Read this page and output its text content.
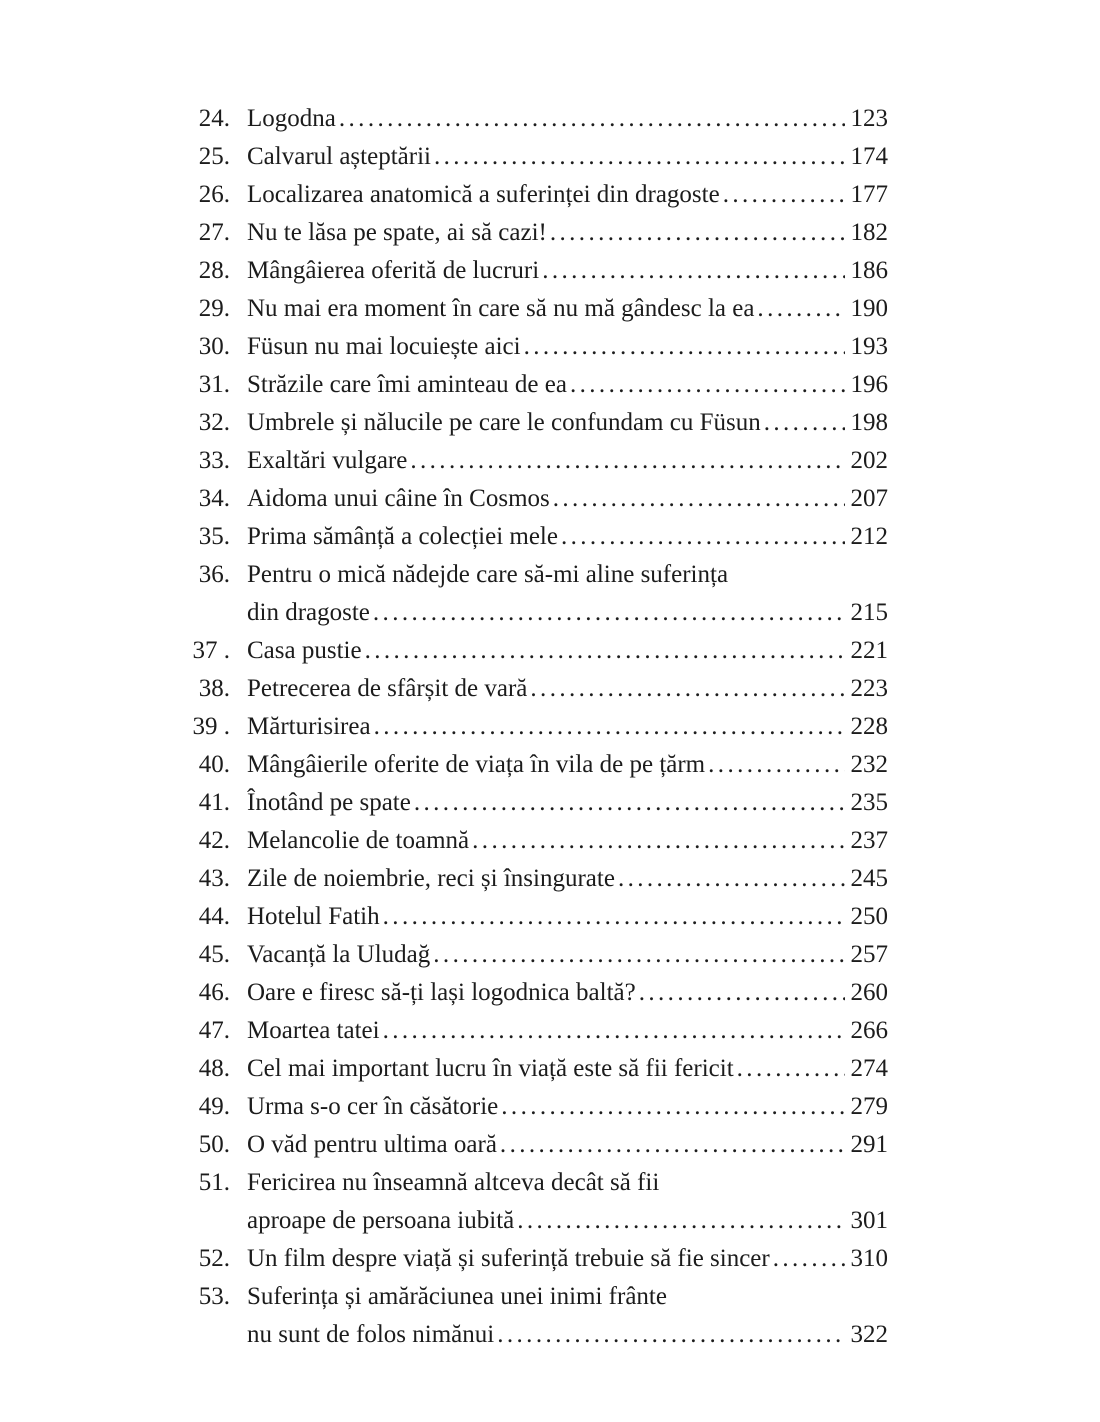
24. Logodna .....	123
25. Calvarul așteptării .....	174
26. Localizarea anatomică a suferinței din dragoste .....	177
27. Nu te lăsa pe spate, ai să cazi! .....	182
28. Mângâierea oferită de lucruri .....	186
29. Nu mai era moment în care să nu mă gândesc la ea .....	190
30. Füsun nu mai locuiește aici .....	193
31. Străzile care îmi aminteau de ea .....	196
32. Umbrele și nălucile pe care le confundam cu Füsun .....	198
33. Exaltări vulgare .....	202
34. Aidoma unui câine în Cosmos .....	207
35. Prima sămânță a colecției mele .....	212
36. Pentru o mică nădejde care să-mi aline suferința
din dragoste .....	215
37 . Casa pustie .....	221
38. Petrecerea de sfârșit de vară .....	223
39 . Mărturisirea .....	228
40. Mângâierile oferite de viața în vila de pe țărm .....	232
41. Înotând pe spate .....	235
42. Melancolie de toamnă .....	237
43. Zile de noiembrie, reci și însingurate .....	245
44. Hotelul Fatih .....	250
45. Vacanță la Uludağ .....	257
46. Oare e firesc să-ți lași logodnica baltă? .....	260
47. Moartea tatei .....	266
48. Cel mai important lucru în viață este să fii fericit .....	274
49. Urma s-o cer în căsătorie .....	279
50. O văd pentru ultima oară .....	291
51. Fericirea nu înseamnă altceva decât să fii
aproape de persoana iubită .....	301
52. Un film despre viață și suferință trebuie să fie sincer .....	310
53. Suferința și amărăciunea unei inimi frânte
nu sunt de folos nimănui .....	322
